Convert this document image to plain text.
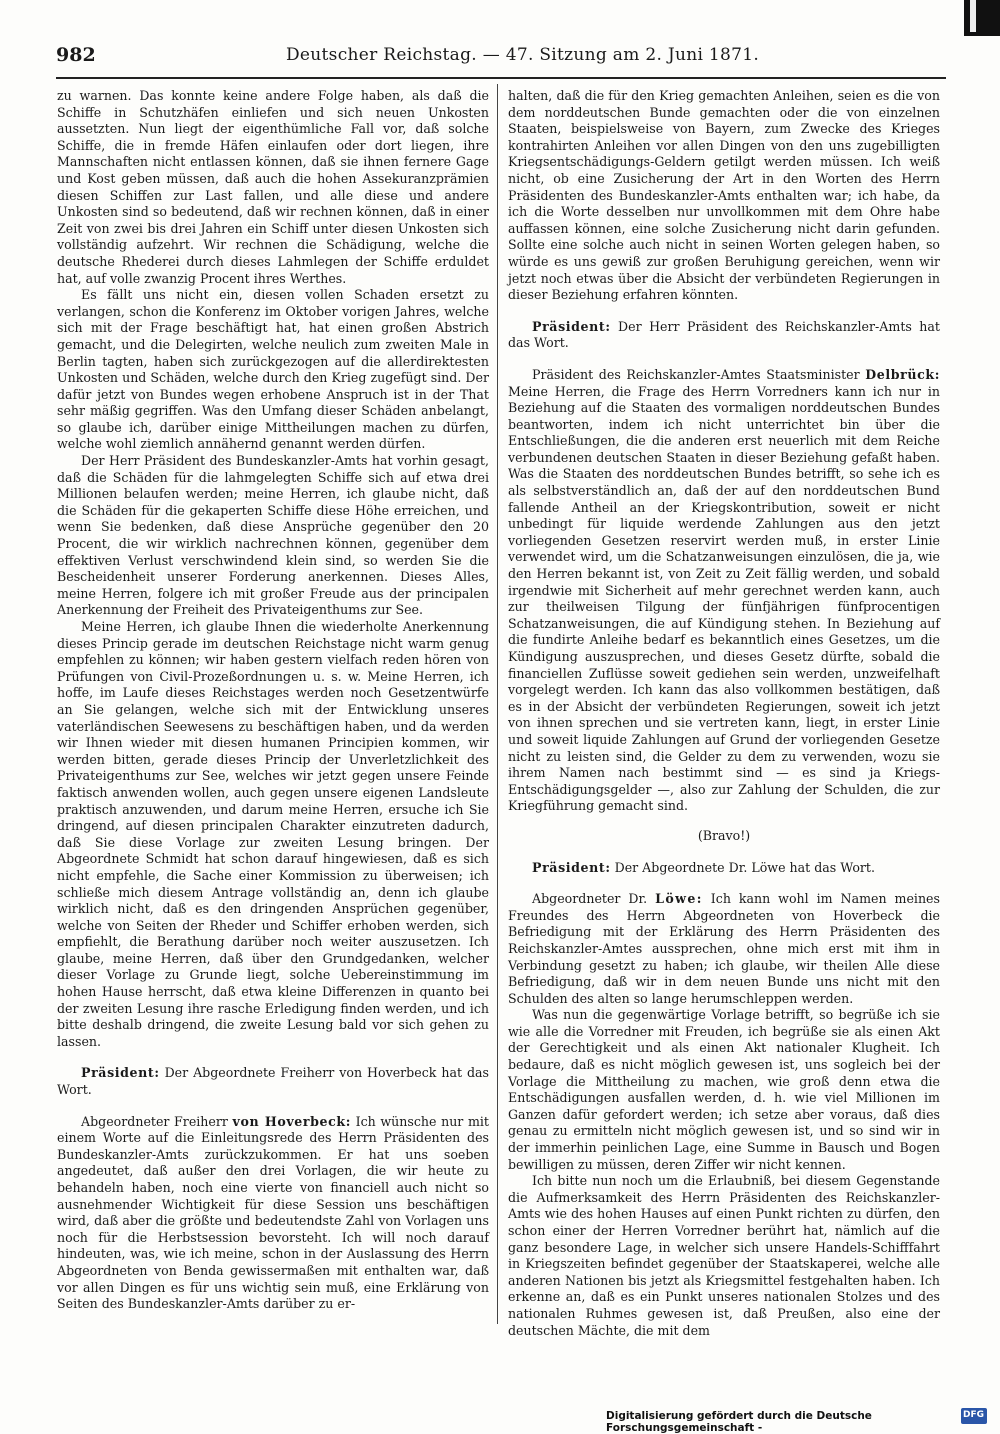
982	Deutscher Reichstag. — 47. Sitzung am 2. Juni 1871.

zu warnen. Das konnte keine andere Folge haben, als daß die Schiffe in Schutzhäfen einliefen und sich neuen Unkosten aussetzten. Nun liegt der eigenthümliche Fall vor, daß solche Schiffe, die in fremde Häfen einlaufen oder dort liegen, ihre Mannschaften nicht entlassen können, daß sie ihnen fernere Gage und Kost geben müssen, daß auch die hohen Assekuranzprämien diesen Schiffen zur Last fallen, und alle diese und andere Unkosten sind so bedeutend, daß wir rechnen können, daß in einer Zeit von zwei bis drei Jahren ein Schiff unter diesen Unkosten sich vollständig aufzehrt. Wir rechnen die Schädigung, welche die deutsche Rhederei durch dieses Lahmlegen der Schiffe erduldet hat, auf volle zwanzig Procent ihres Werthes.

Es fällt uns nicht ein, diesen vollen Schaden ersetzt zu verlangen, schon die Konferenz im Oktober vorigen Jahres, welche sich mit der Frage beschäftigt hat, hat einen großen Abstrich gemacht, und die Delegirten, welche neulich zum zweiten Male in Berlin tagten, haben sich zurückgezogen auf die allerdirektesten Unkosten und Schäden, welche durch den Krieg zugefügt sind. Der dafür jetzt von Bundes wegen erhobene Anspruch ist in der That sehr mäßig gegriffen. Was den Umfang dieser Schäden anbelangt, so glaube ich, darüber einige Mittheilungen machen zu dürfen, welche wohl ziemlich annähernd genannt werden dürfen.

Der Herr Präsident des Bundeskanzler-Amts hat vorhin gesagt, daß die Schäden für die lahmgelegten Schiffe sich auf etwa drei Millionen belaufen werden; meine Herren, ich glaube nicht, daß die Schäden für die gekaperten Schiffe diese Höhe erreichen, und wenn Sie bedenken, daß diese Ansprüche gegenüber den 20 Procent, die wir wirklich nachrechnen können, gegenüber dem effektiven Verlust verschwindend klein sind, so werden Sie die Bescheidenheit unserer Forderung anerkennen. Dieses Alles, meine Herren, folgere ich mit großer Freude aus der principalen Anerkennung der Freiheit des Privateigenthums zur See.

Meine Herren, ich glaube Ihnen die wiederholte Anerkennung dieses Princip gerade im deutschen Reichstage nicht warm genug empfehlen zu können; wir haben gestern vielfach reden hören von Prüfungen von Civil-Prozeßordnungen u. s. w. Meine Herren, ich hoffe, im Laufe dieses Reichstages werden noch Gesetzentwürfe an Sie gelangen, welche sich mit der Entwicklung unseres vaterländischen Seewesens zu beschäftigen haben, und da werden wir Ihnen wieder mit diesen humanen Principien kommen, wir werden bitten, gerade dieses Princip der Unverletzlichkeit des Privateigenthums zur See, welches wir jetzt gegen unsere Feinde faktisch anwenden wollen, auch gegen unsere eigenen Landsleute praktisch anzuwenden, und darum meine Herren, ersuche ich Sie dringend, auf diesen principalen Charakter einzutreten dadurch, daß Sie diese Vorlage zur zweiten Lesung bringen. Der Abgeordnete Schmidt hat schon darauf hingewiesen, daß es sich nicht empfehle, die Sache einer Kommission zu überweisen; ich schließe mich diesem Antrage vollständig an, denn ich glaube wirklich nicht, daß es den dringenden Ansprüchen gegenüber, welche von Seiten der Rheder und Schiffer erhoben werden, sich empfiehlt, die Berathung darüber noch weiter auszusetzen. Ich glaube, meine Herren, daß über den Grundgedanken, welcher dieser Vorlage zu Grunde liegt, solche Uebereinstimmung im hohen Hause herrscht, daß etwa kleine Differenzen in quanto bei der zweiten Lesung ihre rasche Erledigung finden werden, und ich bitte deshalb dringend, die zweite Lesung bald vor sich gehen zu lassen.

Präsident: Der Abgeordnete Freiherr von Hoverbeck hat das Wort.

Abgeordneter Freiherr von Hoverbeck: Ich wünsche nur mit einem Worte auf die Einleitungsrede des Herrn Präsidenten des Bundeskanzler-Amts zurückzukommen. Er hat uns soeben angedeutet, daß außer den drei Vorlagen, die wir heute zu behandeln haben, noch eine vierte von financiell auch nicht so ausnehmender Wichtigkeit für diese Session uns beschäftigen wird, daß aber die größte und bedeutendste Zahl von Vorlagen uns noch für die Herbstsession bevorsteht. Ich will noch darauf hindeuten, was, wie ich meine, schon in der Auslassung des Herrn Abgeordneten von Benda gewissermaßen mit enthalten war, daß vor allen Dingen es für uns wichtig sein muß, eine Erklärung von Seiten des Bundeskanzler-Amts darüber zu er-

halten, daß die für den Krieg gemachten Anleihen, seien es die von dem norddeutschen Bunde gemachten oder die von einzelnen Staaten, beispielsweise von Bayern, zum Zwecke des Krieges kontrahirten Anleihen vor allen Dingen von den uns zugebilligten Kriegsentschädigungs-Geldern getilgt werden müssen. Ich weiß nicht, ob eine Zusicherung der Art in den Worten des Herrn Präsidenten des Bundeskanzler-Amts enthalten war; ich habe, da ich die Worte desselben nur unvollkommen mit dem Ohre habe auffassen können, eine solche Zusicherung nicht darin gefunden. Sollte eine solche auch nicht in seinen Worten gelegen haben, so würde es uns gewiß zur großen Beruhigung gereichen, wenn wir jetzt noch etwas über die Absicht der verbündeten Regierungen in dieser Beziehung erfahren könnten.

Präsident: Der Herr Präsident des Reichskanzler-Amts hat das Wort.

Präsident des Reichskanzler-Amtes Staatsminister Delbrück: Meine Herren, die Frage des Herrn Vorredners kann ich nur in Beziehung auf die Staaten des vormaligen norddeutschen Bundes beantworten, indem ich nicht unterrichtet bin über die Entschließungen, die die anderen erst neuerlich mit dem Reiche verbundenen deutschen Staaten in dieser Beziehung gefaßt haben. Was die Staaten des norddeutschen Bundes betrifft, so sehe ich es als selbstverständlich an, daß der auf den norddeutschen Bund fallende Antheil an der Kriegskontribution, soweit er nicht unbedingt für liquide werdende Zahlungen aus den jetzt vorliegenden Gesetzen reservirt werden muß, in erster Linie verwendet wird, um die Schatzanweisungen einzulösen, die ja, wie den Herren bekannt ist, von Zeit zu Zeit fällig werden, und sobald irgendwie mit Sicherheit auf mehr gerechnet werden kann, auch zur theilweisen Tilgung der fünfjährigen fünfprocentigen Schatzanweisungen, die auf Kündigung stehen. In Beziehung auf die fundirte Anleihe bedarf es bekanntlich eines Gesetzes, um die Kündigung auszusprechen, und dieses Gesetz dürfte, sobald die financiellen Zuflüsse soweit gediehen sein werden, unzweifelhaft vorgelegt werden. Ich kann das also vollkommen bestätigen, daß es in der Absicht der verbündeten Regierungen, soweit ich jetzt von ihnen sprechen und sie vertreten kann, liegt, in erster Linie und soweit liquide Zahlungen auf Grund der vorliegenden Gesetze nicht zu leisten sind, die Gelder zu dem zu verwenden, wozu sie ihrem Namen nach bestimmt sind — es sind ja Kriegs-Entschädigungsgelder —, also zur Zahlung der Schulden, die zur Kriegführung gemacht sind.

(Bravo!)

Präsident: Der Abgeordnete Dr. Löwe hat das Wort.

Abgeordneter Dr. Löwe: Ich kann wohl im Namen meines Freundes des Herrn Abgeordneten von Hoverbeck die Befriedigung mit der Erklärung des Herrn Präsidenten des Reichskanzler-Amtes aussprechen, ohne mich erst mit ihm in Verbindung gesetzt zu haben; ich glaube, wir theilen Alle diese Befriedigung, daß wir in dem neuen Bunde uns nicht mit den Schulden des alten so lange herumschleppen werden.

Was nun die gegenwärtige Vorlage betrifft, so begrüße ich sie wie alle die Vorredner mit Freuden, ich begrüße sie als einen Akt der Gerechtigkeit und als einen Akt nationaler Klugheit. Ich bedaure, daß es nicht möglich gewesen ist, uns sogleich bei der Vorlage die Mittheilung zu machen, wie groß denn etwa die Entschädigungen ausfallen werden, d. h. wie viel Millionen im Ganzen dafür gefordert werden; ich setze aber voraus, daß dies genau zu ermitteln nicht möglich gewesen ist, und so sind wir in der immerhin peinlichen Lage, eine Summe in Bausch und Bogen bewilligen zu müssen, deren Ziffer wir nicht kennen.

Ich bitte nun noch um die Erlaubniß, bei diesem Gegenstande die Aufmerksamkeit des Herrn Präsidenten des Reichskanzler-Amts wie des hohen Hauses auf einen Punkt richten zu dürfen, den schon einer der Herren Vorredner berührt hat, nämlich auf die ganz besondere Lage, in welcher sich unsere Handels-Schifffahrt in Kriegszeiten befindet gegenüber der Staatskaperei, welche alle anderen Nationen bis jetzt als Kriegsmittel festgehalten haben. Ich erkenne an, daß es ein Punkt unseres nationalen Stolzes und des nationalen Ruhmes gewesen ist, daß Preußen, also eine der deutschen Mächte, die mit dem

Digitalisierung gefördert durch die Deutsche Forschungsgemeinschaft -
DFG
